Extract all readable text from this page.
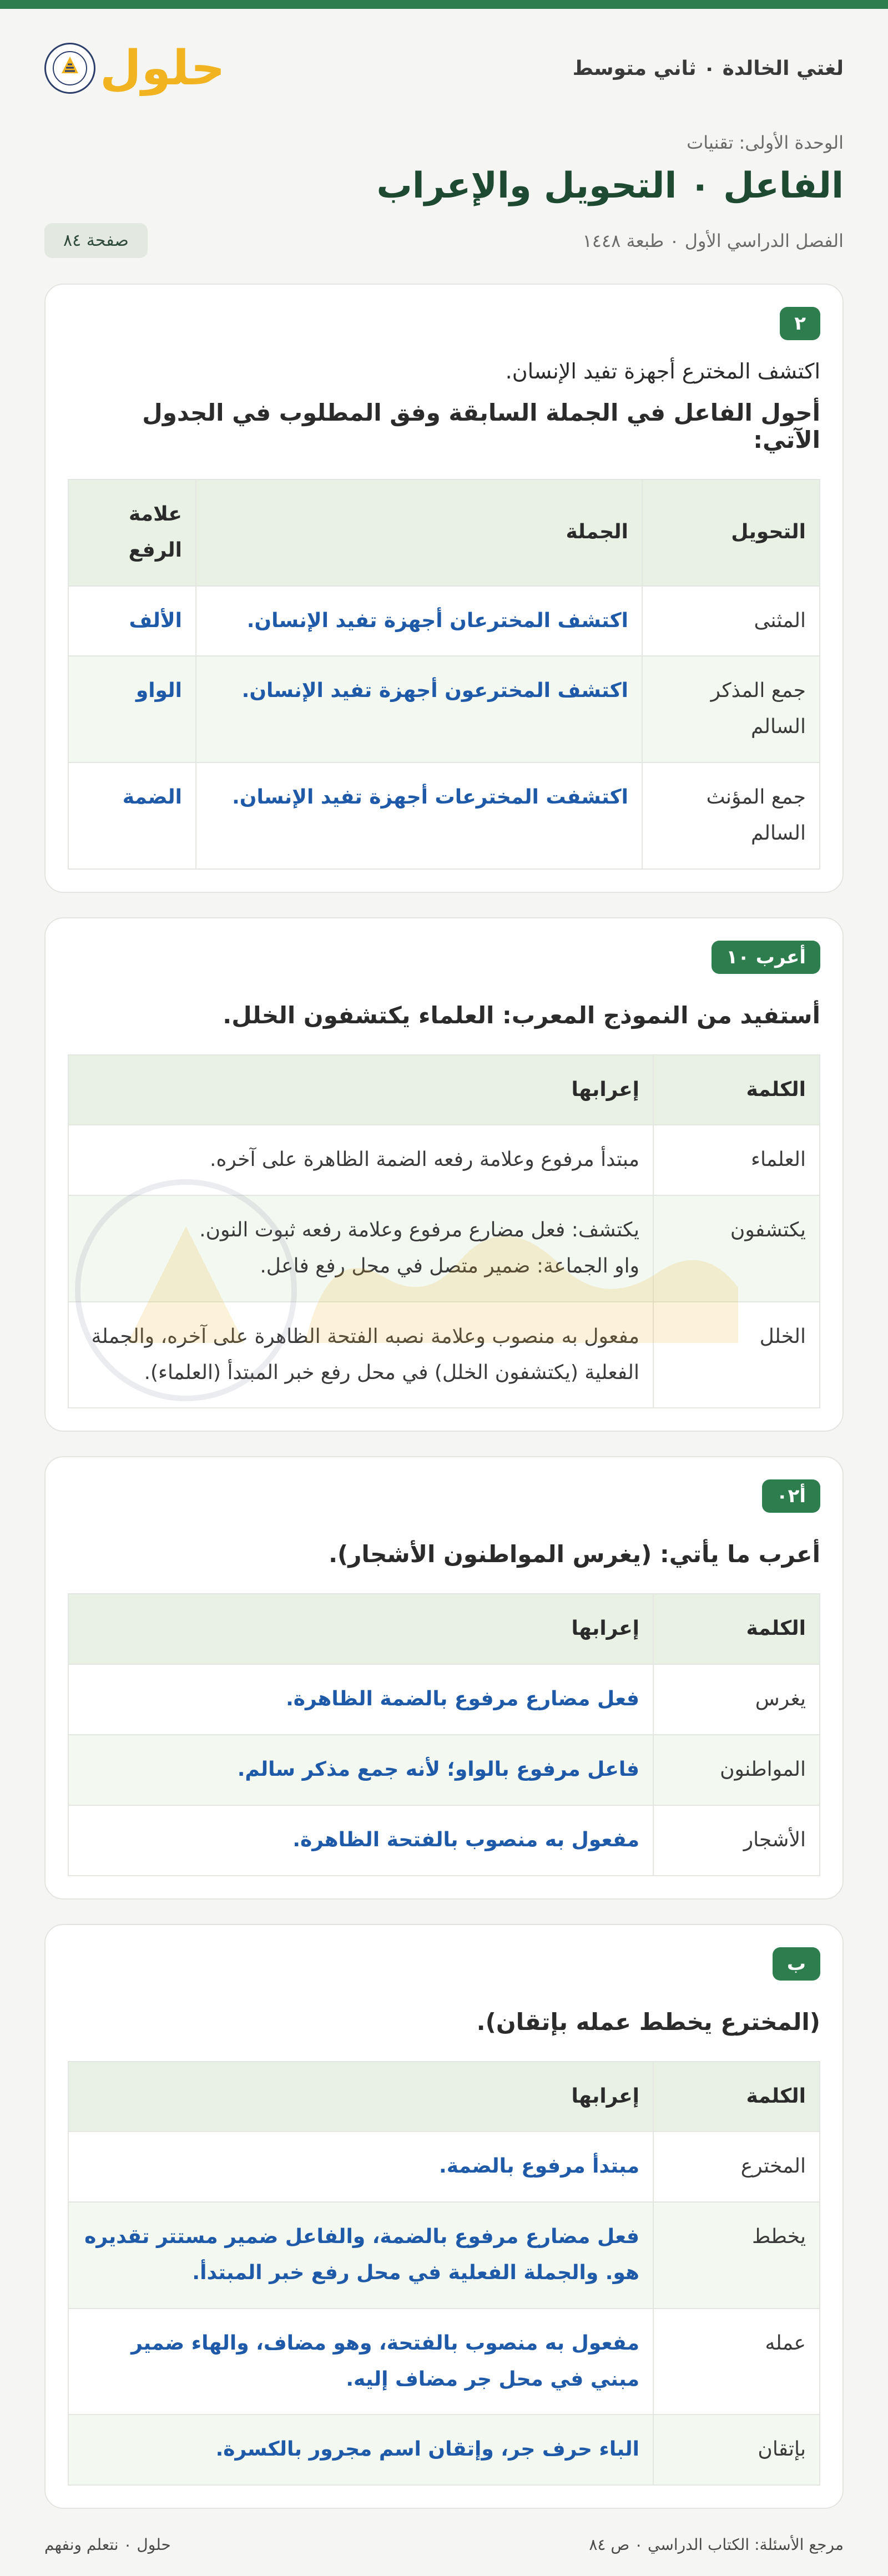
لغتي الخالدة ٠ ثاني متوسط
حلول
الوحدة الأولى: تقنيات
الفاعل ٠ التحويل والإعراب
الفصل الدراسي الأول ٠ طبعة ١٤٤٨
صفحة ٨٤
٢

اكتشف المخترع أجهزة تفيد الإنسان.

أحول الفاعل في الجملة السابقة وفق المطلوب في الجدول الآتي:

التحويل	الجملة	علامة الرفع
المثنى	اكتشف المخترعان أجهزة تفيد الإنسان.	الألف
جمع المذكر السالم	اكتشف المخترعون أجهزة تفيد الإنسان.	الواو
جمع المؤنث السالم	اكتشفت المخترعات أجهزة تفيد الإنسان.	الضمة
أعرب ١٠

أستفيد من النموذج المعرب: العلماء يكتشفون الخلل.

الكلمة	إعرابها
العلماء	مبتدأ مرفوع وعلامة رفعه الضمة الظاهرة على آخره.
يكتشفون	يكتشف: فعل مضارع مرفوع وعلامة رفعه ثبوت النون.
واو الجماعة: ضمير متصل في محل رفع فاعل.

الخلل	مفعول به منصوب وعلامة نصبه الفتحة الظاهرة على آخره، والجملة الفعلية (يكتشفون الخلل) في محل رفع خبر المبتدأ (العلماء).
أ٠٢

أعرب ما يأتي: (يغرس المواطنون الأشجار).

الكلمة	إعرابها
يغرس	فعل مضارع مرفوع بالضمة الظاهرة.
المواطنون	فاعل مرفوع بالواو؛ لأنه جمع مذكر سالم.
الأشجار	مفعول به منصوب بالفتحة الظاهرة.
ب

(المخترع يخطط عمله بإتقان).

الكلمة	إعرابها
المخترع	مبتدأ مرفوع بالضمة.
يخطط	فعل مضارع مرفوع بالضمة، والفاعل ضمير مستتر تقديره هو. والجملة الفعلية في محل رفع خبر المبتدأ.
عمله	مفعول به منصوب بالفتحة، وهو مضاف، والهاء ضمير مبني في محل جر مضاف إليه.
بإتقان	الباء حرف جر، وإتقان اسم مجرور بالكسرة.
مرجع الأسئلة: الكتاب الدراسي ٠ ص ٨٤
حلول ٠ نتعلم ونفهم
